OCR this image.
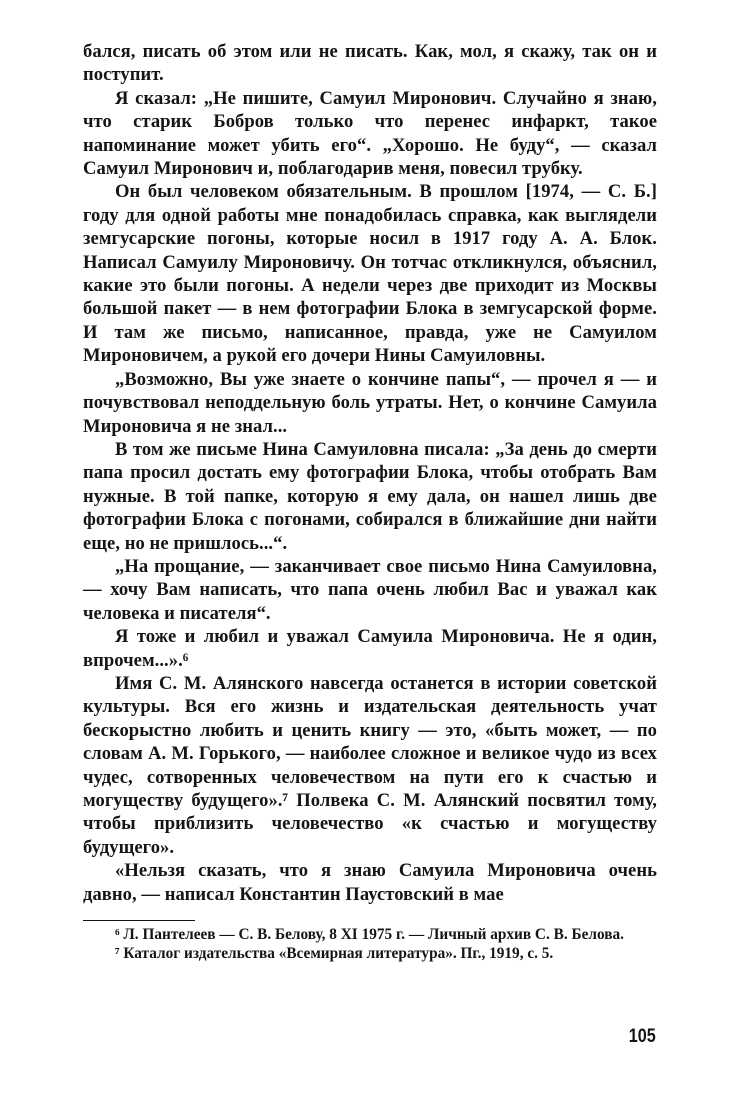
бался, писать об этом или не писать. Как, мол, я скажу, так он и поступит.

Я сказал: „Не пишите, Самуил Миронович. Случайно я знаю, что старик Бобров только что перенес инфаркт, такое напоминание может убить его“. „Хорошо. Не буду“, — сказал Самуил Миронович и, поблагодарив меня, повесил трубку.

Он был человеком обязательным. В прошлом [1974, — С. Б.] году для одной работы мне понадобилась справка, как выглядели земгусарские погоны, которые носил в 1917 году А. А. Блок. Написал Самуилу Мироновичу. Он тотчас откликнулся, объяснил, какие это были погоны. А недели через две приходит из Москвы большой пакет — в нем фотографии Блока в земгусарской форме. И там же письмо, написанное, правда, уже не Самуилом Мироновичем, а рукой его дочери Нины Самуиловны.

„Возможно, Вы уже знаете о кончине папы“, — прочел я — и почувствовал неподдельную боль утраты. Нет, о кончине Самуила Мироновича я не знал...

В том же письме Нина Самуиловна писала: „За день до смерти папа просил достать ему фотографии Блока, чтобы отобрать Вам нужные. В той папке, которую я ему дала, он нашел лишь две фотографии Блока с погонами, собирался в ближайшие дни найти еще, но не пришлось...“.

„На прощание, — заканчивает свое письмо Нина Самуиловна, — хочу Вам написать, что папа очень любил Вас и уважал как человека и писателя“.

Я тоже и любил и уважал Самуила Мироновича. Не я один, впрочем...».⁶

Имя С. М. Алянского навсегда останется в истории советской культуры. Вся его жизнь и издательская деятельность учат бескорыстно любить и ценить книгу — это, «быть может, — по словам А. М. Горького, — наиболее сложное и великое чудо из всех чудес, сотворенных человечеством на пути его к счастью и могуществу будущего».⁷ Полвека С. М. Алянский посвятил тому, чтобы приблизить человечество «к счастью и могуществу будущего».

«Нельзя сказать, что я знаю Самуила Мироновича очень давно, — написал Константин Паустовский в мае

⁶ Л. Пантелеев — С. В. Белову, 8 XI 1975 г. — Личный архив С. В. Белова.

⁷ Каталог издательства «Всемирная литература». Пг., 1919, с. 5.

105
